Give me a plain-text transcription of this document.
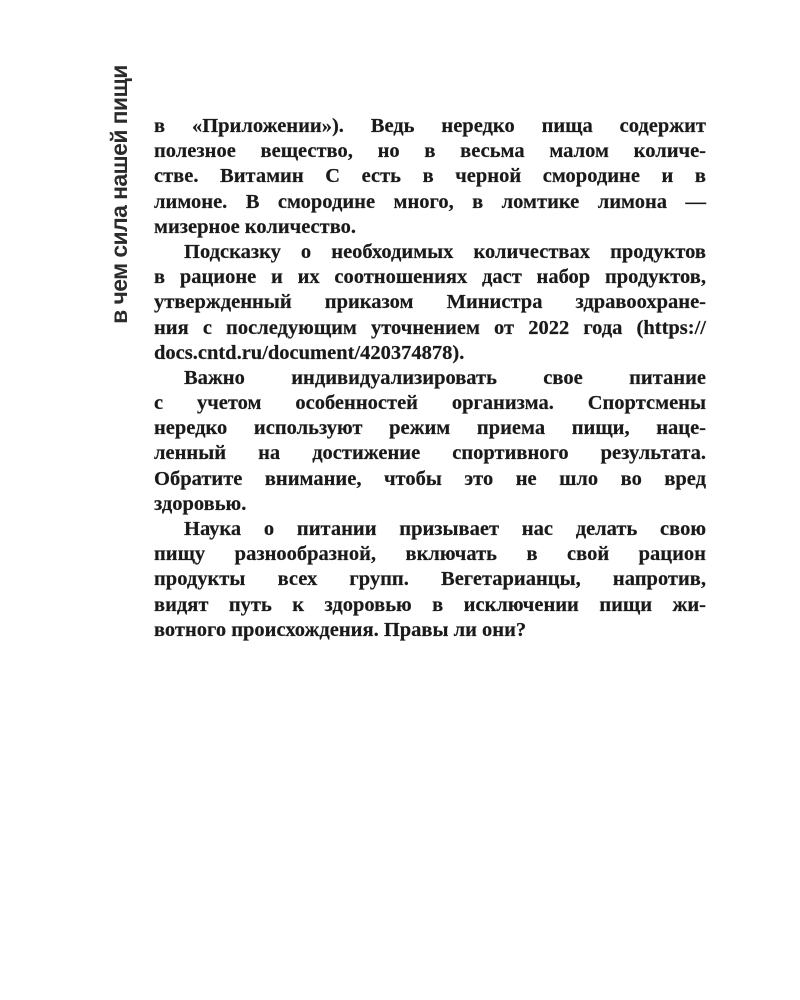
в чем сила нашей пищи в «Приложении»). Ведь нередко пища содержит
полезное вещество, но в весьма малом количе-
стве. Витамин С есть в черной смородине и в
лимоне. В смородине много, в ломтике лимона —
мизерное количество.
Подсказку о необходимых количествах продуктов
в рационе и их соотношениях даст набор продуктов,
утвержденный приказом Министра здравоохране-
ния с последующим уточнением от 2022 года (https://
docs.cntd.ru/document/420374878).
Важно индивидуализировать свое питание
с учетом особенностей организма. Спортсмены
нередко используют режим приема пищи, наце-
ленный на достижение спортивного результата.
Обратите внимание, чтобы это не шло во вред
здоровью.
Наука о питании призывает нас делать свою
пищу разнообразной, включать в свой рацион
продукты всех групп. Вегетарианцы, напротив,
видят путь к здоровью в исключении пищи жи-
вотного происхождения. Правы ли они?
